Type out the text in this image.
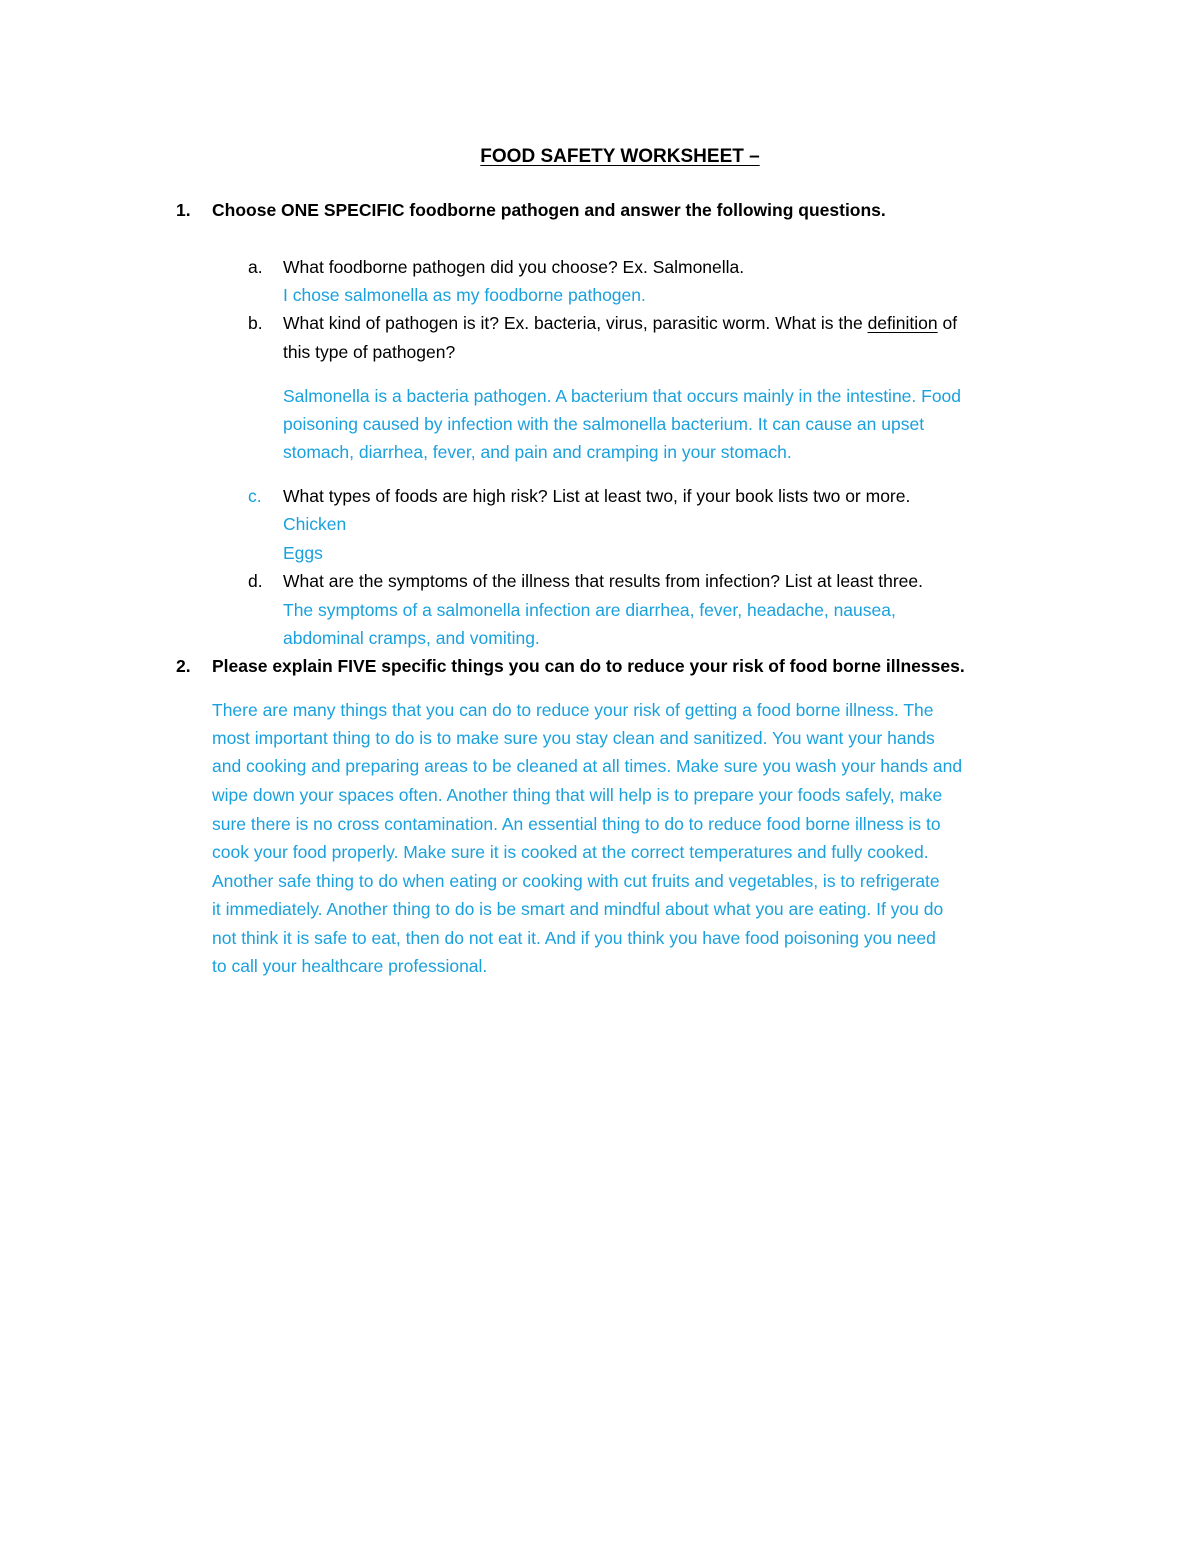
FOOD SAFETY WORKSHEET –
1. Choose ONE SPECIFIC foodborne pathogen and answer the following questions.
a. What foodborne pathogen did you choose? Ex. Salmonella.
I chose salmonella as my foodborne pathogen.
b. What kind of pathogen is it? Ex. bacteria, virus, parasitic worm. What is the definition of
this type of pathogen?
Salmonella is a bacteria pathogen. A bacterium that occurs mainly in the intestine. Food
poisoning caused by infection with the salmonella bacterium. It can cause an upset
stomach, diarrhea, fever, and pain and cramping in your stomach.
c. What types of foods are high risk? List at least two, if your book lists two or more.
Chicken
Eggs
d. What are the symptoms of the illness that results from infection? List at least three.
The symptoms of a salmonella infection are diarrhea, fever, headache, nausea,
abdominal cramps, and vomiting.
2. Please explain FIVE specific things you can do to reduce your risk of food borne illnesses.
There are many things that you can do to reduce your risk of getting a food borne illness. The
most important thing to do is to make sure you stay clean and sanitized. You want your hands
and cooking and preparing areas to be cleaned at all times. Make sure you wash your hands and
wipe down your spaces often. Another thing that will help is to prepare your foods safely, make
sure there is no cross contamination. An essential thing to do to reduce food borne illness is to
cook your food properly. Make sure it is cooked at the correct temperatures and fully cooked.
Another safe thing to do when eating or cooking with cut fruits and vegetables, is to refrigerate
it immediately. Another thing to do is be smart and mindful about what you are eating. If you do
not think it is safe to eat, then do not eat it. And if you think you have food poisoning you need
to call your healthcare professional.
